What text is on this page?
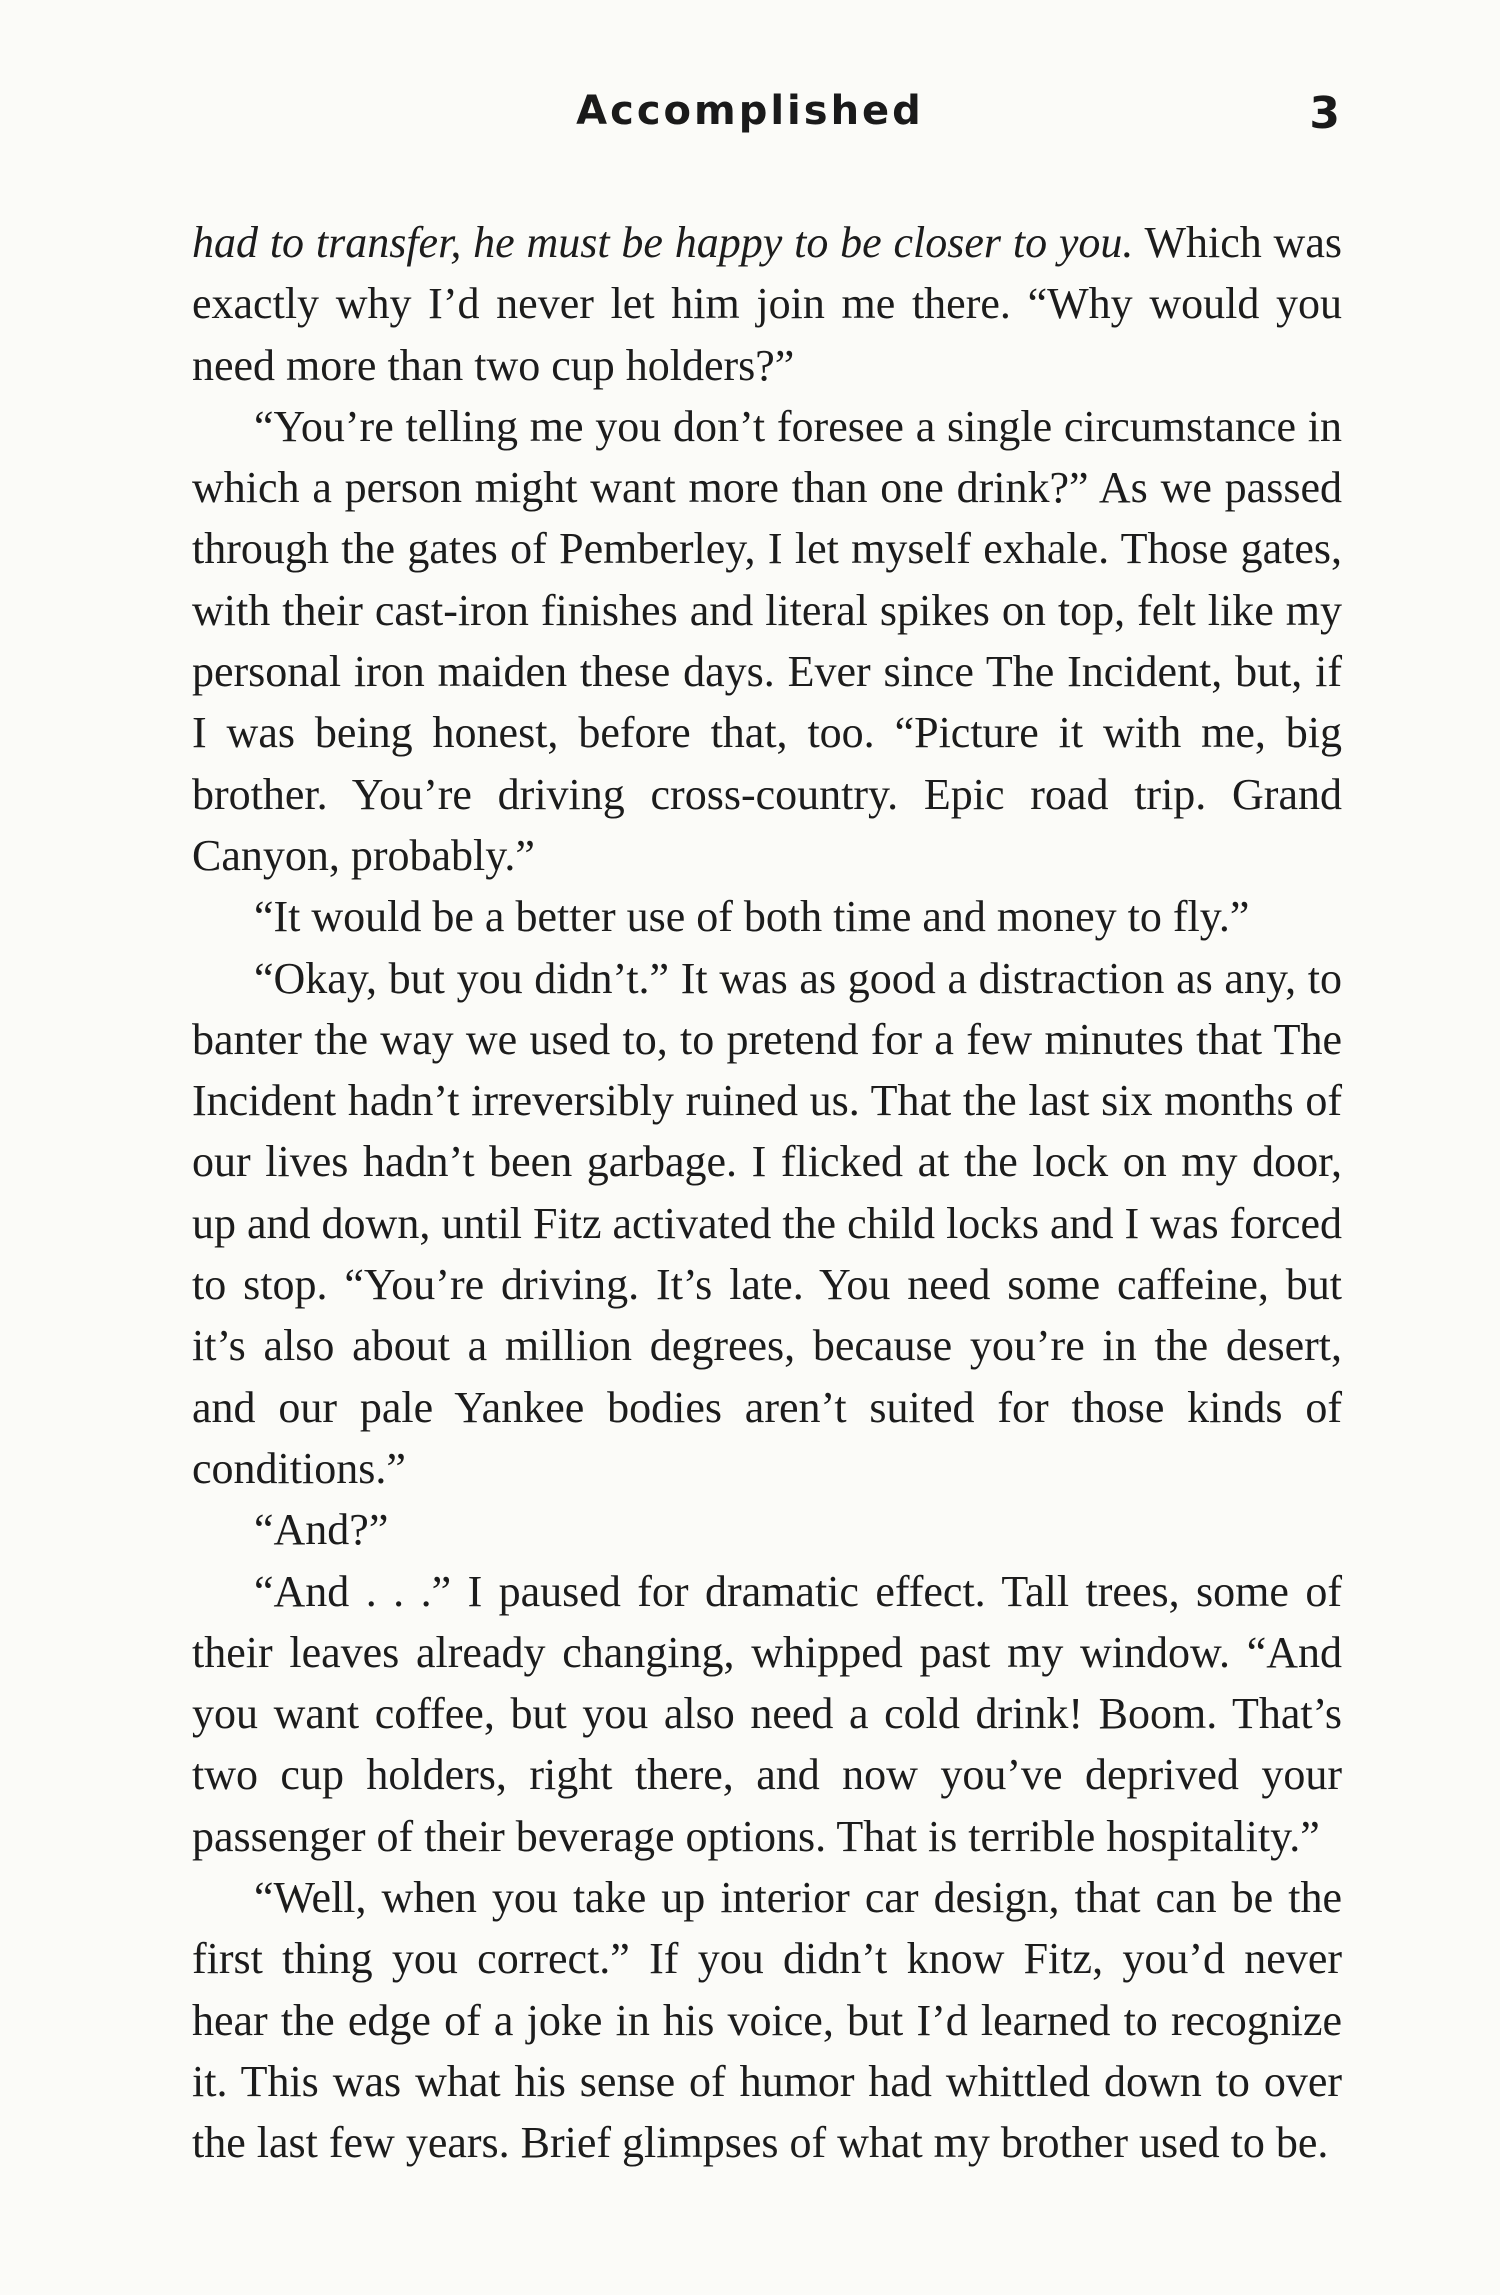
Accomplished	3

had to transfer, he must be happy to be closer to you. Which was exactly why I’d never let him join me there. “Why would you need more than two cup holders?”

“You’re telling me you don’t foresee a single circumstance in which a person might want more than one drink?” As we passed through the gates of Pemberley, I let myself exhale. Those gates, with their cast-iron finishes and literal spikes on top, felt like my personal iron maiden these days. Ever since The Incident, but, if I was being honest, before that, too. “Picture it with me, big brother. You’re driving cross-country. Epic road trip. Grand Canyon, probably.”

“It would be a better use of both time and money to fly.”

“Okay, but you didn’t.” It was as good a distraction as any, to banter the way we used to, to pretend for a few minutes that The Incident hadn’t irreversibly ruined us. That the last six months of our lives hadn’t been garbage. I flicked at the lock on my door, up and down, until Fitz activated the child locks and I was forced to stop. “You’re driving. It’s late. You need some caffeine, but it’s also about a million degrees, because you’re in the desert, and our pale Yankee bodies aren’t suited for those kinds of conditions.”

“And?”

“And . . .” I paused for dramatic effect. Tall trees, some of their leaves already changing, whipped past my window. “And you want coffee, but you also need a cold drink! Boom. That’s two cup holders, right there, and now you’ve deprived your passenger of their beverage options. That is terrible hospitality.”

“Well, when you take up interior car design, that can be the first thing you correct.” If you didn’t know Fitz, you’d never hear the edge of a joke in his voice, but I’d learned to recognize it. This was what his sense of humor had whittled down to over the last few years. Brief glimpses of what my brother used to be.
